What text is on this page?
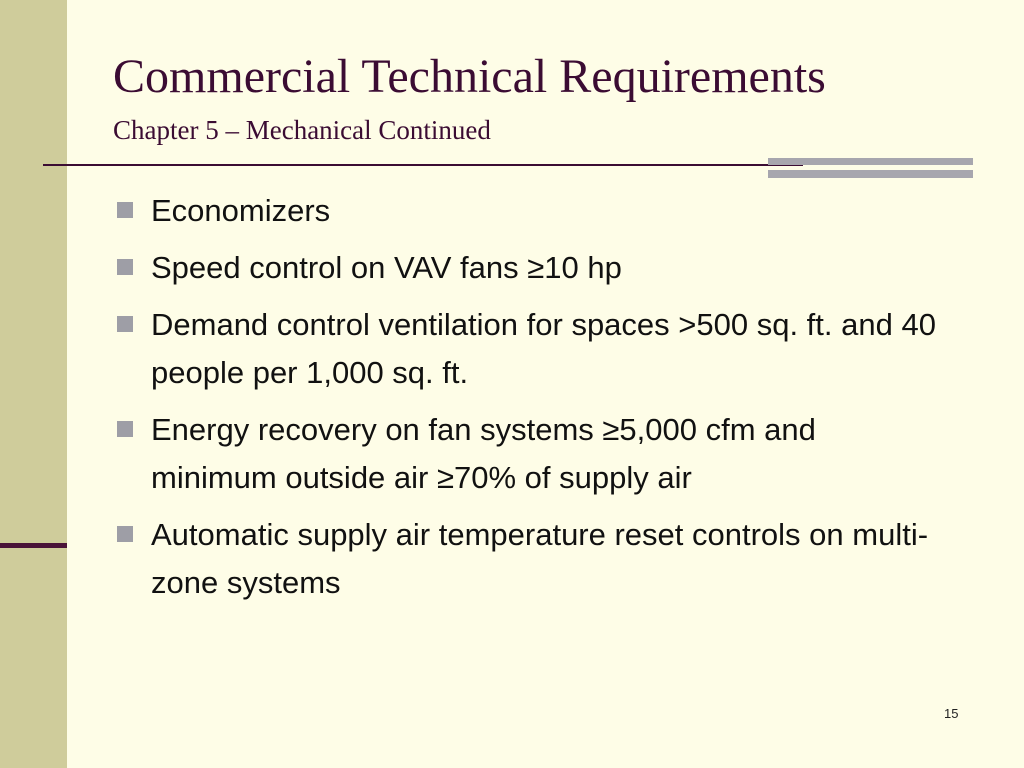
Commercial Technical Requirements
Chapter 5 – Mechanical Continued
Economizers
Speed control on VAV fans ≥10 hp
Demand control ventilation for spaces >500 sq. ft. and 40 people per 1,000 sq. ft.
Energy recovery on fan systems ≥5,000 cfm and minimum outside air ≥70% of supply air
Automatic supply air temperature reset controls on multi-zone systems
15
